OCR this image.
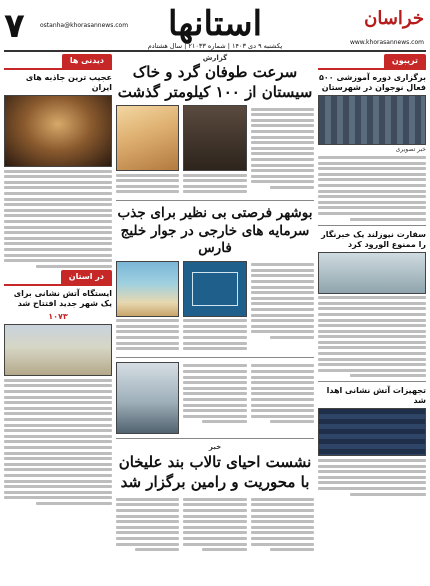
خراسان
استانها
۷	www.khorasannews.com
ostanha@khorasannews.com
یکشنبه ۹ دی ۱۴۰۳ | شماره ۲۱۰۳۳ | سال هشتادم
تریبون
برگزاری دوره آموزشی ۵۰۰ فعال نوجوان در شهرستان
خبر تصویری
سفارت نیوزلند یک خبرنگار را ممنوع الورود کرد
تجهیزات آتش نشانی اهدا شد
دیدنی ها
عجیب ترین جاذبه های ایران
در استان
ایستگاه آتش نشانی برای یک شهر جدید افتتاح شد
۱۰۷۳
گزارش
سرعت طوفان گرد و خاک سیستان از ۱۰۰ کیلومتر گذشت
بوشهر فرصتی بی نظیر برای جذب سرمایه های خارجی در جوار خلیج فارس
خبر
نشست احیای تالاب بند علیخان با محوریت و رامین برگزار شد
